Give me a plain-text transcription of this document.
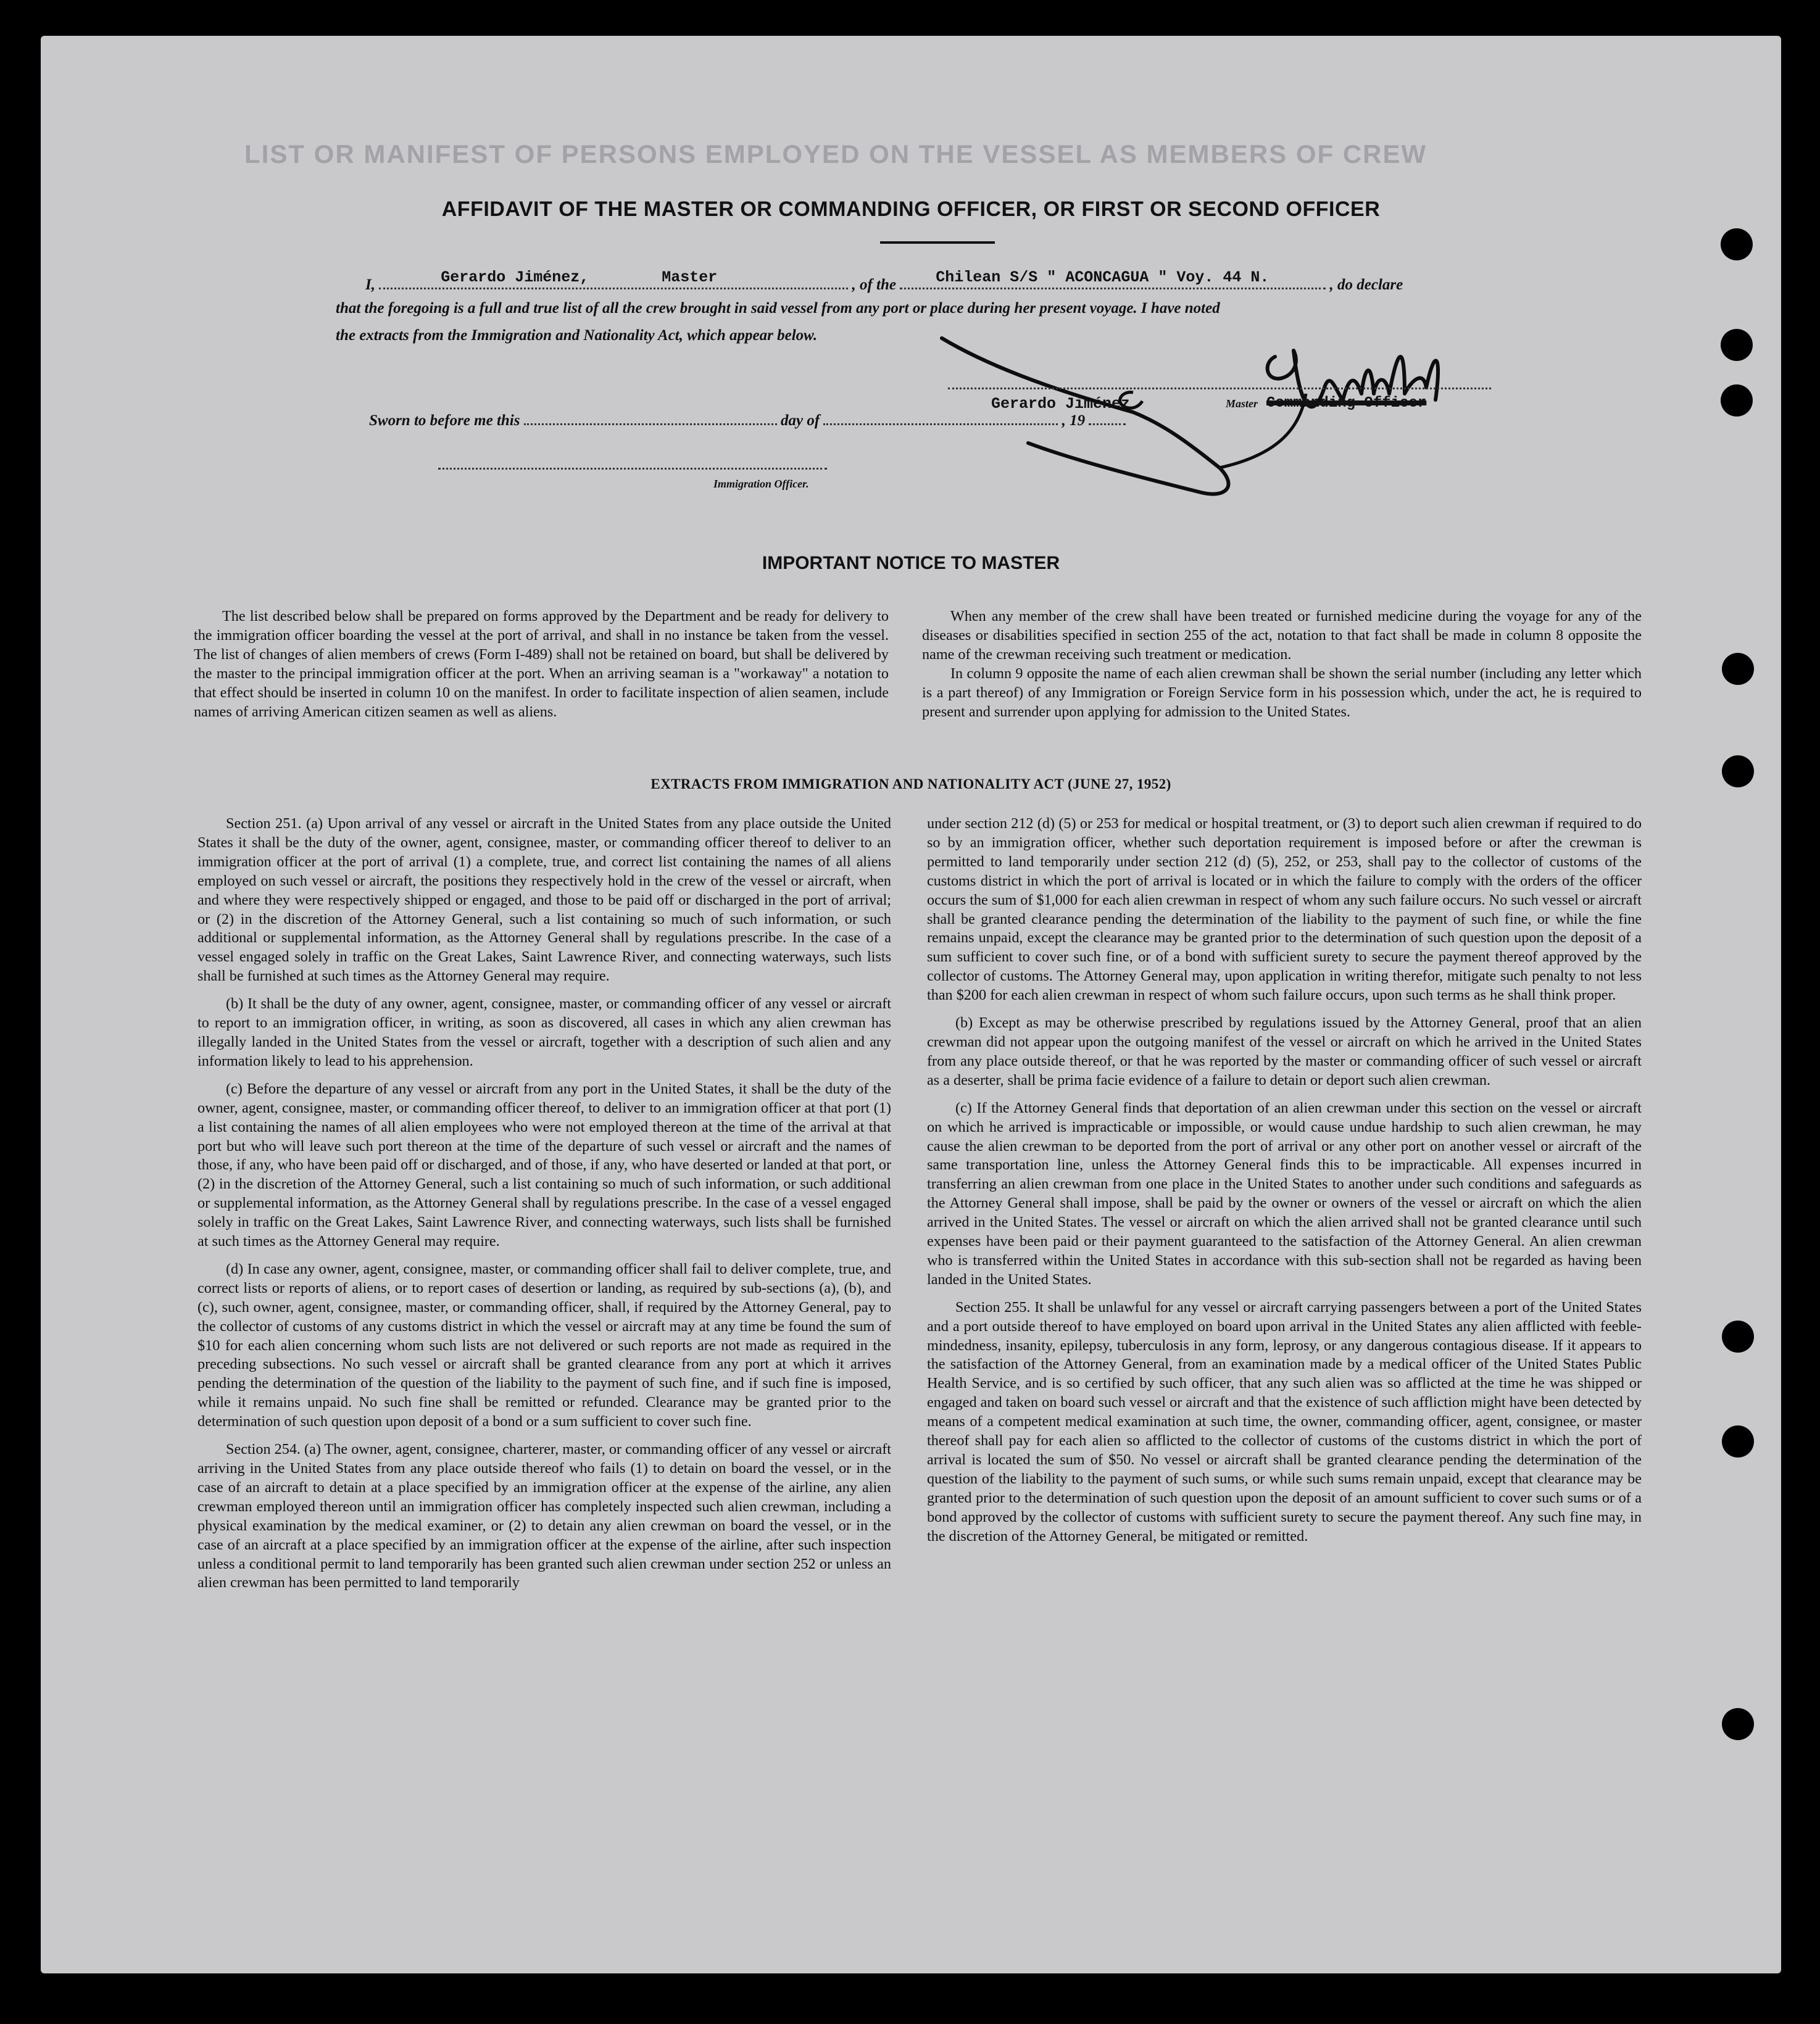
LIST OR MANIFEST OF PERSONS EMPLOYED ON THE VESSEL AS MEMBERS OF CREW
AFFIDAVIT OF THE MASTER OR COMMANDING OFFICER, OR FIRST OR SECOND OFFICER
I,	Gerardo Jiménez,	Master	, of the	Chilean S/S " ACONCAGUA " Voy. 44 N.	, do declare
that the foregoing is a full and true list of all the crew brought in said vessel from any port or place during her present voyage. I have noted
the extracts from the Immigration and Nationality Act, which appear below.
Gerardo Jiménez	Master Commanding Officer
Sworn to before me this	day of	, 19
Immigration Officer.
IMPORTANT NOTICE TO MASTER

The list described below shall be prepared on forms approved by the Department and be ready for delivery to the immigration officer boarding the vessel at the port of arrival, and shall in no instance be taken from the vessel. The list of changes of alien members of crews (Form I-489) shall not be retained on board, but shall be delivered by the master to the principal immigration officer at the port. When an arriving seaman is a "workaway" a notation to that effect should be inserted in column 10 on the manifest. In order to facilitate inspection of alien seamen, include names of arriving American citizen seamen as well as aliens.

When any member of the crew shall have been treated or furnished medicine during the voyage for any of the diseases or disabilities specified in section 255 of the act, notation to that fact shall be made in column 8 opposite the name of the crewman receiving such treatment or medication.

In column 9 opposite the name of each alien crewman shall be shown the serial number (including any letter which is a part thereof) of any Immigration or Foreign Service form in his possession which, under the act, he is required to present and surrender upon applying for admission to the United States.

EXTRACTS FROM IMMIGRATION AND NATIONALITY ACT (JUNE 27, 1952)

Section 251. (a) Upon arrival of any vessel or aircraft in the United States from any place outside the United States it shall be the duty of the owner, agent, consignee, master, or commanding officer thereof to deliver to an immigration officer at the port of arrival (1) a complete, true, and correct list containing the names of all aliens employed on such vessel or aircraft, the positions they respectively hold in the crew of the vessel or aircraft, when and where they were respectively shipped or engaged, and those to be paid off or discharged in the port of arrival; or (2) in the discretion of the Attorney General, such a list containing so much of such information, or such additional or supplemental information, as the Attorney General shall by regulations prescribe. In the case of a vessel engaged solely in traffic on the Great Lakes, Saint Lawrence River, and connecting waterways, such lists shall be furnished at such times as the Attorney General may require.

(b) It shall be the duty of any owner, agent, consignee, master, or commanding officer of any vessel or aircraft to report to an immigration officer, in writing, as soon as discovered, all cases in which any alien crewman has illegally landed in the United States from the vessel or aircraft, together with a description of such alien and any information likely to lead to his apprehension.

(c) Before the departure of any vessel or aircraft from any port in the United States, it shall be the duty of the owner, agent, consignee, master, or commanding officer thereof, to deliver to an immigration officer at that port (1) a list containing the names of all alien employees who were not employed thereon at the time of the arrival at that port but who will leave such port thereon at the time of the departure of such vessel or aircraft and the names of those, if any, who have been paid off or discharged, and of those, if any, who have deserted or landed at that port, or (2) in the discretion of the Attorney General, such a list containing so much of such information, or such additional or supplemental information, as the Attorney General shall by regulations prescribe. In the case of a vessel engaged solely in traffic on the Great Lakes, Saint Lawrence River, and connecting waterways, such lists shall be furnished at such times as the Attorney General may require.

(d) In case any owner, agent, consignee, master, or commanding officer shall fail to deliver complete, true, and correct lists or reports of aliens, or to report cases of desertion or landing, as required by sub-sections (a), (b), and (c), such owner, agent, consignee, master, or commanding officer, shall, if required by the Attorney General, pay to the collector of customs of any customs district in which the vessel or aircraft may at any time be found the sum of $10 for each alien concerning whom such lists are not delivered or such reports are not made as required in the preceding subsections. No such vessel or aircraft shall be granted clearance from any port at which it arrives pending the determination of the question of the liability to the payment of such fine, and if such fine is imposed, while it remains unpaid. No such fine shall be remitted or refunded. Clearance may be granted prior to the determination of such question upon deposit of a bond or a sum sufficient to cover such fine.

Section 254. (a) The owner, agent, consignee, charterer, master, or commanding officer of any vessel or aircraft arriving in the United States from any place outside thereof who fails (1) to detain on board the vessel, or in the case of an aircraft to detain at a place specified by an immigration officer at the expense of the airline, any alien crewman employed thereon until an immigration officer has completely inspected such alien crewman, including a physical examination by the medical examiner, or (2) to detain any alien crewman on board the vessel, or in the case of an aircraft at a place specified by an immigration officer at the expense of the airline, after such inspection unless a conditional permit to land temporarily has been granted such alien crewman under section 252 or unless an alien crewman has been permitted to land temporarily

under section 212 (d) (5) or 253 for medical or hospital treatment, or (3) to deport such alien crewman if required to do so by an immigration officer, whether such deportation requirement is imposed before or after the crewman is permitted to land temporarily under section 212 (d) (5), 252, or 253, shall pay to the collector of customs of the customs district in which the port of arrival is located or in which the failure to comply with the orders of the officer occurs the sum of $1,000 for each alien crewman in respect of whom any such failure occurs. No such vessel or aircraft shall be granted clearance pending the determination of the liability to the payment of such fine, or while the fine remains unpaid, except the clearance may be granted prior to the determination of such question upon the deposit of a sum sufficient to cover such fine, or of a bond with sufficient surety to secure the payment thereof approved by the collector of customs. The Attorney General may, upon application in writing therefor, mitigate such penalty to not less than $200 for each alien crewman in respect of whom such failure occurs, upon such terms as he shall think proper.

(b) Except as may be otherwise prescribed by regulations issued by the Attorney General, proof that an alien crewman did not appear upon the outgoing manifest of the vessel or aircraft on which he arrived in the United States from any place outside thereof, or that he was reported by the master or commanding officer of such vessel or aircraft as a deserter, shall be prima facie evidence of a failure to detain or deport such alien crewman.

(c) If the Attorney General finds that deportation of an alien crewman under this section on the vessel or aircraft on which he arrived is impracticable or impossible, or would cause undue hardship to such alien crewman, he may cause the alien crewman to be deported from the port of arrival or any other port on another vessel or aircraft of the same transportation line, unless the Attorney General finds this to be impracticable. All expenses incurred in transferring an alien crewman from one place in the United States to another under such conditions and safeguards as the Attorney General shall impose, shall be paid by the owner or owners of the vessel or aircraft on which the alien arrived in the United States. The vessel or aircraft on which the alien arrived shall not be granted clearance until such expenses have been paid or their payment guaranteed to the satisfaction of the Attorney General. An alien crewman who is transferred within the United States in accordance with this sub-section shall not be regarded as having been landed in the United States.

Section 255. It shall be unlawful for any vessel or aircraft carrying passengers between a port of the United States and a port outside thereof to have employed on board upon arrival in the United States any alien afflicted with feeble-mindedness, insanity, epilepsy, tuberculosis in any form, leprosy, or any dangerous contagious disease. If it appears to the satisfaction of the Attorney General, from an examination made by a medical officer of the United States Public Health Service, and is so certified by such officer, that any such alien was so afflicted at the time he was shipped or engaged and taken on board such vessel or aircraft and that the existence of such affliction might have been detected by means of a competent medical examination at such time, the owner, commanding officer, agent, consignee, or master thereof shall pay for each alien so afflicted to the collector of customs of the customs district in which the port of arrival is located the sum of $50. No vessel or aircraft shall be granted clearance pending the determination of the question of the liability to the payment of such sums, or while such sums remain unpaid, except that clearance may be granted prior to the determination of such question upon the deposit of an amount sufficient to cover such sums or of a bond approved by the collector of customs with sufficient surety to secure the payment thereof. Any such fine may, in the discretion of the Attorney General, be mitigated or remitted.
